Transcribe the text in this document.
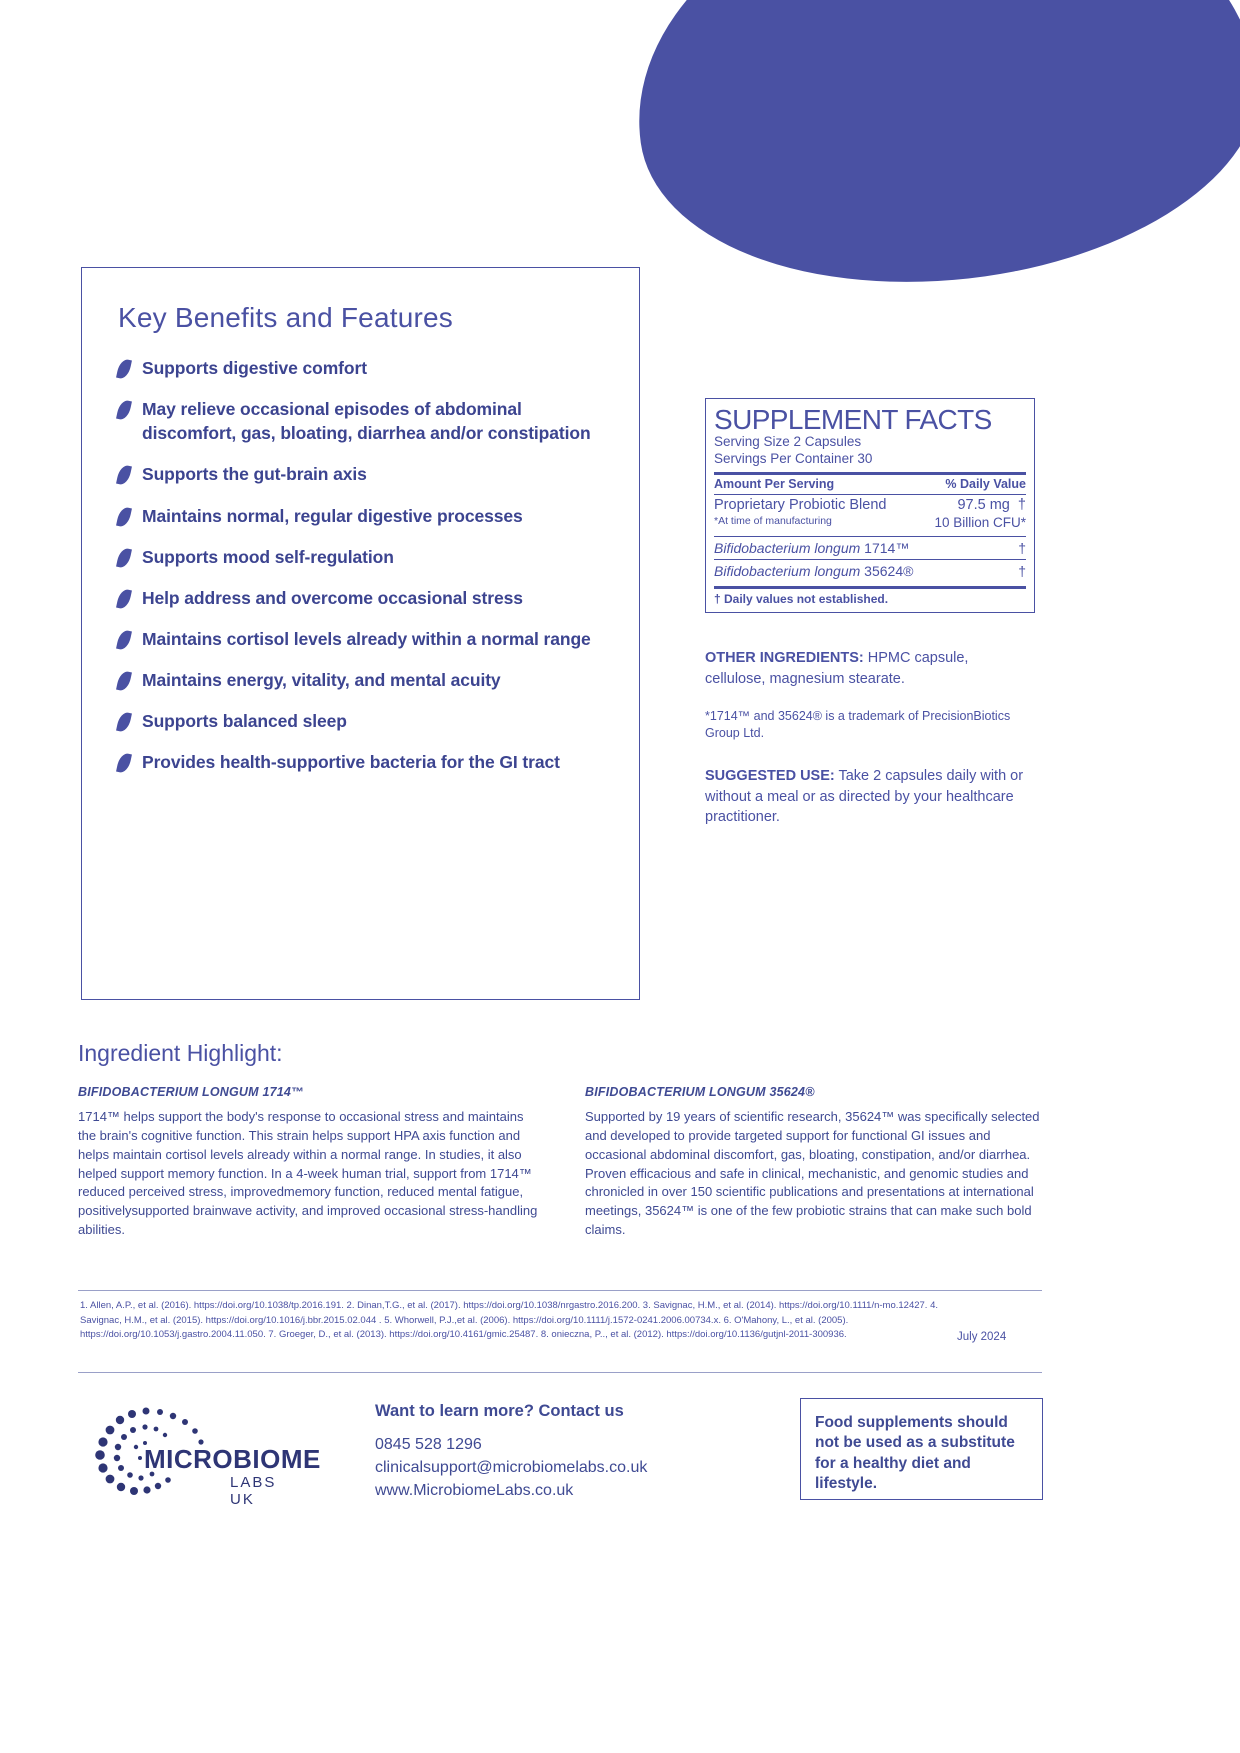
Key Benefits and Features
Supports digestive comfort
May relieve occasional episodes of abdominal discomfort, gas, bloating, diarrhea and/or constipation
Supports the gut-brain axis
Maintains normal, regular digestive processes
Supports mood self-regulation
Help address and overcome occasional stress
Maintains cortisol levels already within a normal range
Maintains energy, vitality, and mental acuity
Supports balanced sleep
Provides health-supportive bacteria for the GI tract
SUPPLEMENT FACTS
Serving Size 2 Capsules
Servings Per Container 30
Amount Per Serving	% Daily Value
Proprietary Probiotic Blend	97.5 mg †
*At time of manufacturing	10 Billion CFU*
Bifidobacterium longum 1714™	†
Bifidobacterium longum 35624®	†
† Daily values not established.
OTHER INGREDIENTS: HPMC capsule, cellulose, magnesium stearate.
*1714™ and 35624® is a trademark of PrecisionBiotics Group Ltd.
SUGGESTED USE: Take 2 capsules daily with or without a meal or as directed by your healthcare practitioner.
Ingredient Highlight:
BIFIDOBACTERIUM LONGUM 1714™
1714™ helps support the body's response to occasional stress and maintains the brain's cognitive function. This strain helps support HPA axis function and helps maintain cortisol levels already within a normal range. In studies, it also helped support memory function. In a 4-week human trial, support from 1714™ reduced perceived stress, improvedmemory function, reduced mental fatigue, positivelysupported brainwave activity, and improved occasional stress-handling abilities.
BIFIDOBACTERIUM LONGUM 35624®
Supported by 19 years of scientific research, 35624™ was specifically selected and developed to provide targeted support for functional GI issues and occasional abdominal discomfort, gas, bloating, constipation, and/or diarrhea. Proven efficacious and safe in clinical, mechanistic, and genomic studies and chronicled in over 150 scientific publications and presentations at international meetings, 35624™ is one of the few probiotic strains that can make such bold claims.
1. Allen, A.P., et al. (2016). https://doi.org/10.1038/tp.2016.191. 2. Dinan,T.G., et al. (2017). https://doi.org/10.1038/nrgastro.2016.200. 3. Savignac, H.M., et al. (2014). https://doi.org/10.1111/n-mo.12427. 4. Savignac, H.M., et al. (2015). https://doi.org/10.1016/j.bbr.2015.02.044 . 5. Whorwell, P.J.,et al. (2006). https://doi.org/10.1111/j.1572-0241.2006.00734.x. 6. O'Mahony, L., et al. (2005). https://doi.org/10.1053/j.gastro.2004.11.050. 7. Groeger, D., et al. (2013). https://doi.org/10.4161/gmic.25487. 8. onieczna, P.., et al. (2012). https://doi.org/10.1136/gutjnl-2011-300936.	July 2024
MICROBIOME
LABS UK
Want to learn more? Contact us
0845 528 1296
clinicalsupport@microbiomelabs.co.uk
www.MicrobiomeLabs.co.uk
Food supplements should not be used as a substitute for a healthy diet and lifestyle.
